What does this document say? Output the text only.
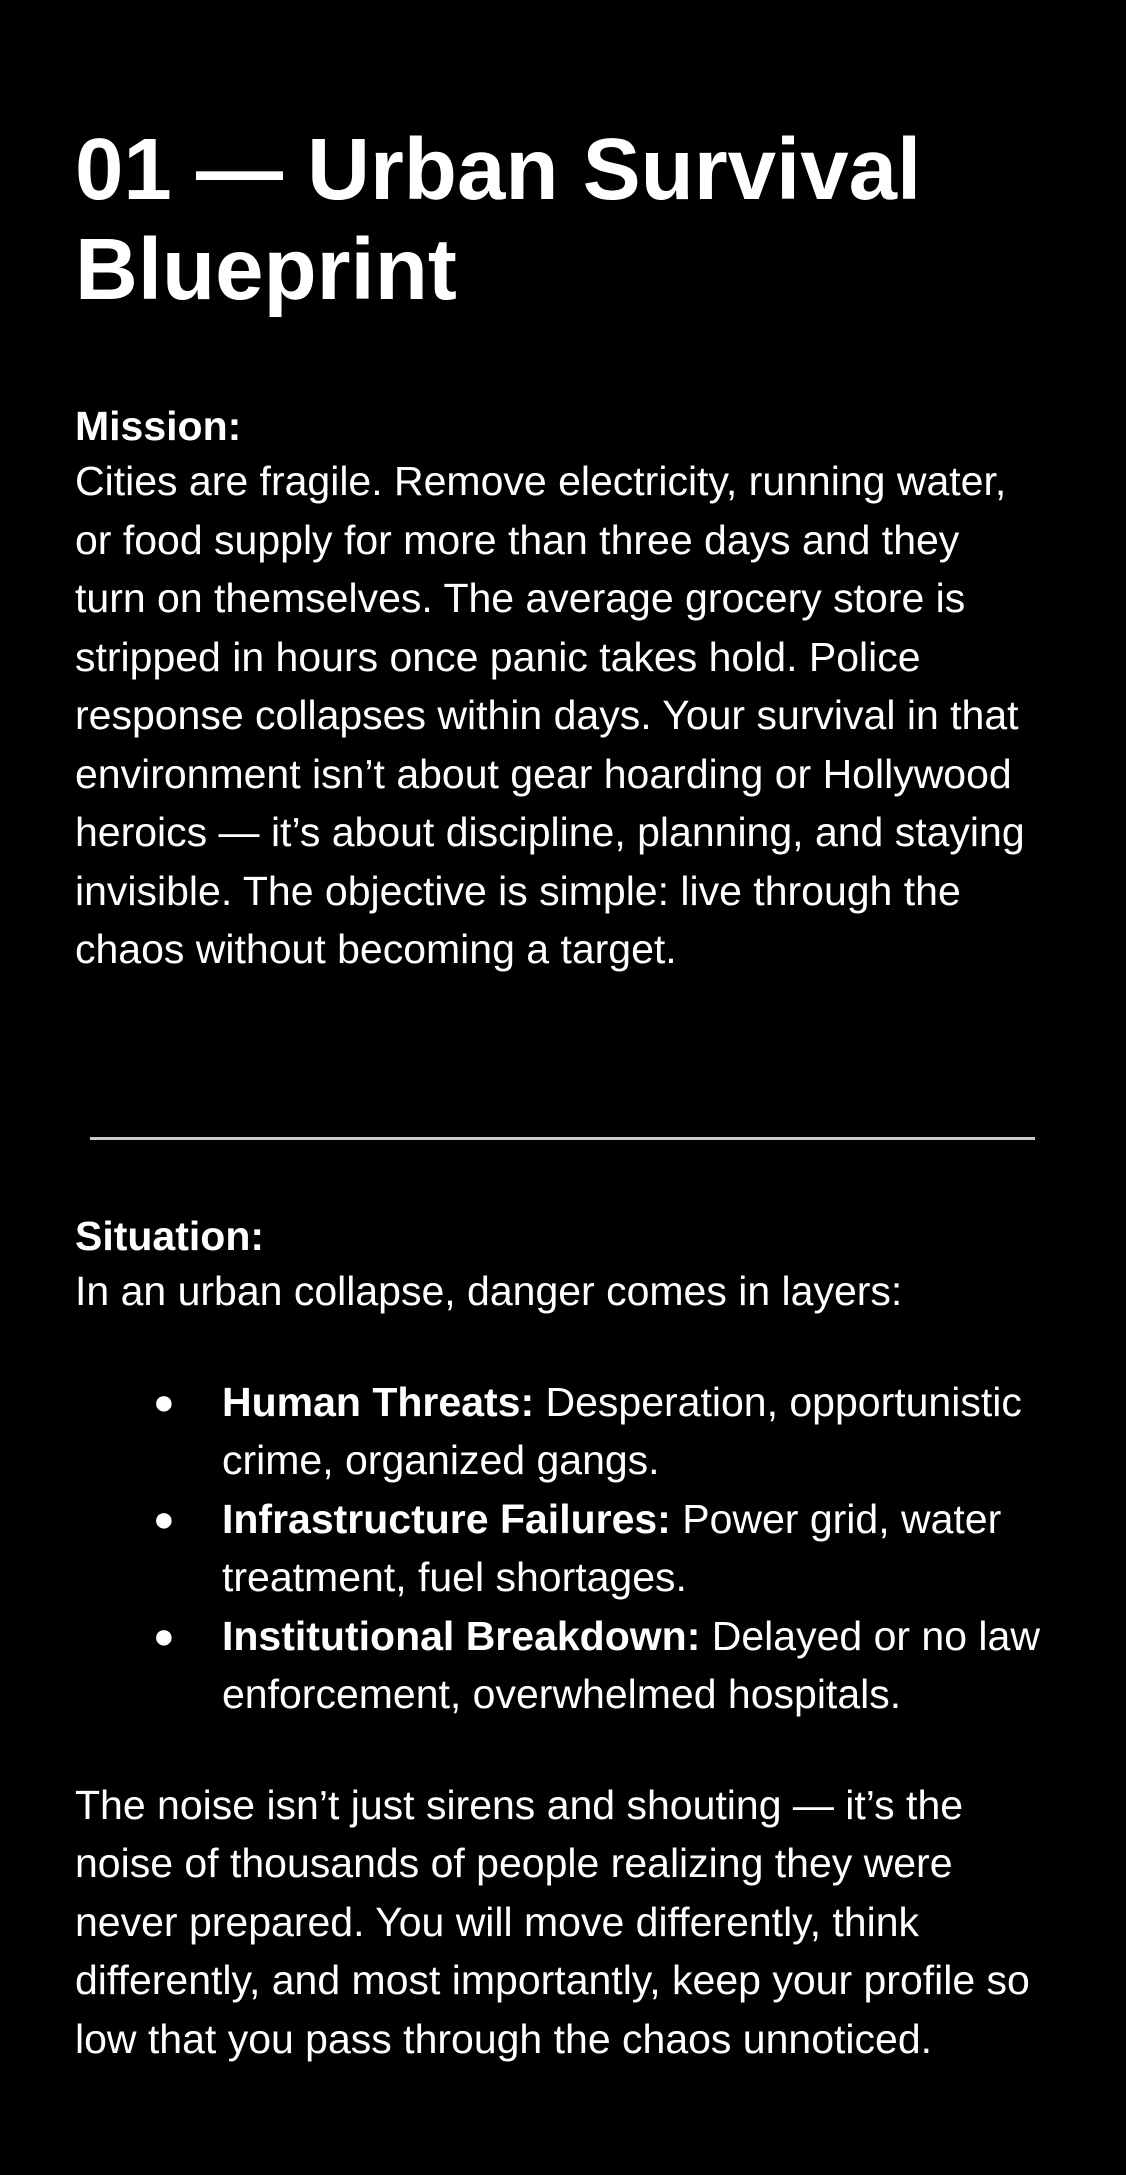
01 — Urban Survival Blueprint

Mission:

Cities are fragile. Remove electricity, running water, or food supply for more than three days and they turn on themselves. The average grocery store is stripped in hours once panic takes hold. Police response collapses within days. Your survival in that environment isn’t about gear hoarding or Hollywood heroics — it’s about discipline, planning, and staying invisible. The objective is simple: live through the chaos without becoming a target.

Situation:

In an urban collapse, danger comes in layers:

● Human Threats: Desperation, opportunistic crime, organized gangs.
● Infrastructure Failures: Power grid, water treatment, fuel shortages.
● Institutional Breakdown: Delayed or no law enforcement, overwhelmed hospitals.

The noise isn’t just sirens and shouting — it’s the noise of thousands of people realizing they were never prepared. You will move differently, think differently, and most importantly, keep your profile so low that you pass through the chaos unnoticed.
